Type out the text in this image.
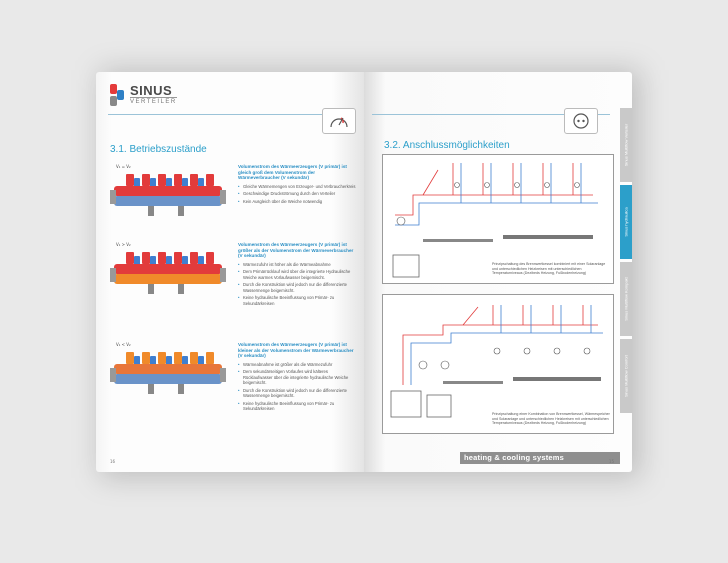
SINUS
VERTEILER
3.1. Betriebszustände
V₁ = V₂	Volumenstrom des Wärmeerzeugers (V primär) ist gleich groß dem Volumenstrom der Wärmeverbraucher (V sekundär)
• Gleiche Wärmemengen von Erzeuger- und Verbraucherkreis
• Geschwindige Druckströmung durch den Verteiler
• Kein Ausgleich über die Weiche notwendig
V₁ > V₂	Volumenstrom des Wärmeerzeugers (V primär) ist größer als der Volumenstrom der Wärmeverbraucher (V sekundär)
• Wärmezufuhr ist höher als die Wärmeabnahme
• Dem Primärrücklauf wird über die integrierte Hydraulische Weiche warmes Vorlaufwasser beigemischt.
• Durch die Konstruktion wird jedoch nur die differenzierte Wassermenge beigemischt.
• Keine hydraulische Beeinflussung von Primär- zu Sekundärkreisen
V₁ < V₂	Volumenstrom des Wärmeerzeugers (V primär) ist kleiner als der Volumenstrom der Wärmeverbraucher (V sekundär)
• Wärmeabnahme ist größer als die Wärmezufuhr
• Dem sekundärseitigen Vorlaufes wird kälteres Rücklaufwasser über die integrierte hydraulische Weiche beigemischt.
• Durch die Konstruktion wird jedoch nur die differenzierte Wassermenge beigemischt.
• Keine hydraulische Beeinflussung von Primär- zu Sekundärkreisen
16
3.2. Anschlussmöglichkeiten	Sinus Multiflow Verteiler
Sinus hydraulica
Sinus Multiflow Kompakt
Sinus Multiflow Comfort
Prinzipschaltung des Brennwertkessel kombiniert mit einer Solaranlage und unterschiedlichen Heizkreisen mit unterschiedlichen Temperaturniveaus (Dezibeds Heizung, Fußbodenheizung)
Prinzipschaltung einer Kombination von Brennwertkessel, Wärmespeicher und Solaranlage und unterschiedlichen Heizkreisen mit unterschiedlichen Temperaturniveaus (Dezibeds Heizung, Fußbodenheizung)
heating & cooling systems	15
